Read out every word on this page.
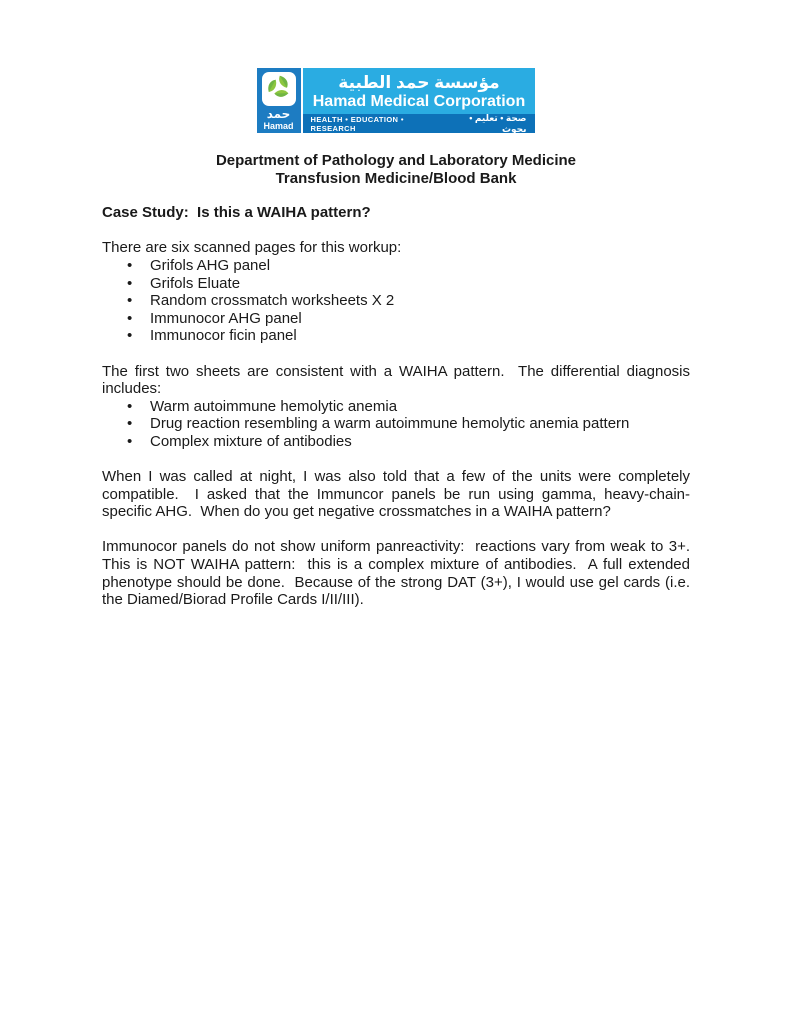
حمد
Hamad
مؤسسة حمد الطبية
Hamad Medical Corporation
HEALTH • EDUCATION • RESEARCH
صحة • تعليم • بحوث
Department of Pathology and Laboratory Medicine
Transfusion Medicine/Blood Bank
Case Study:  Is this a WAIHA pattern?

There are six scanned pages for this workup:

• Grifols AHG panel
• Grifols Eluate
• Random crossmatch worksheets X 2
• Immunocor AHG panel
• Immunocor ficin panel

The first two sheets are consistent with a WAIHA pattern.  The differential diagnosis includes:

• Warm autoimmune hemolytic anemia
• Drug reaction resembling a warm autoimmune hemolytic anemia pattern
• Complex mixture of antibodies

When I was called at night, I was also told that a few of the units were completely compatible.  I asked that the Immuncor panels be run using gamma, heavy-chain-specific AHG.  When do you get negative crossmatches in a WAIHA pattern?

Immunocor panels do not show uniform panreactivity:  reactions vary from weak to 3+.  This is NOT WAIHA pattern:  this is a complex mixture of antibodies.  A full extended phenotype should be done.  Because of the strong DAT (3+), I would use gel cards (i.e. the Diamed/Biorad Profile Cards I/II/III).
